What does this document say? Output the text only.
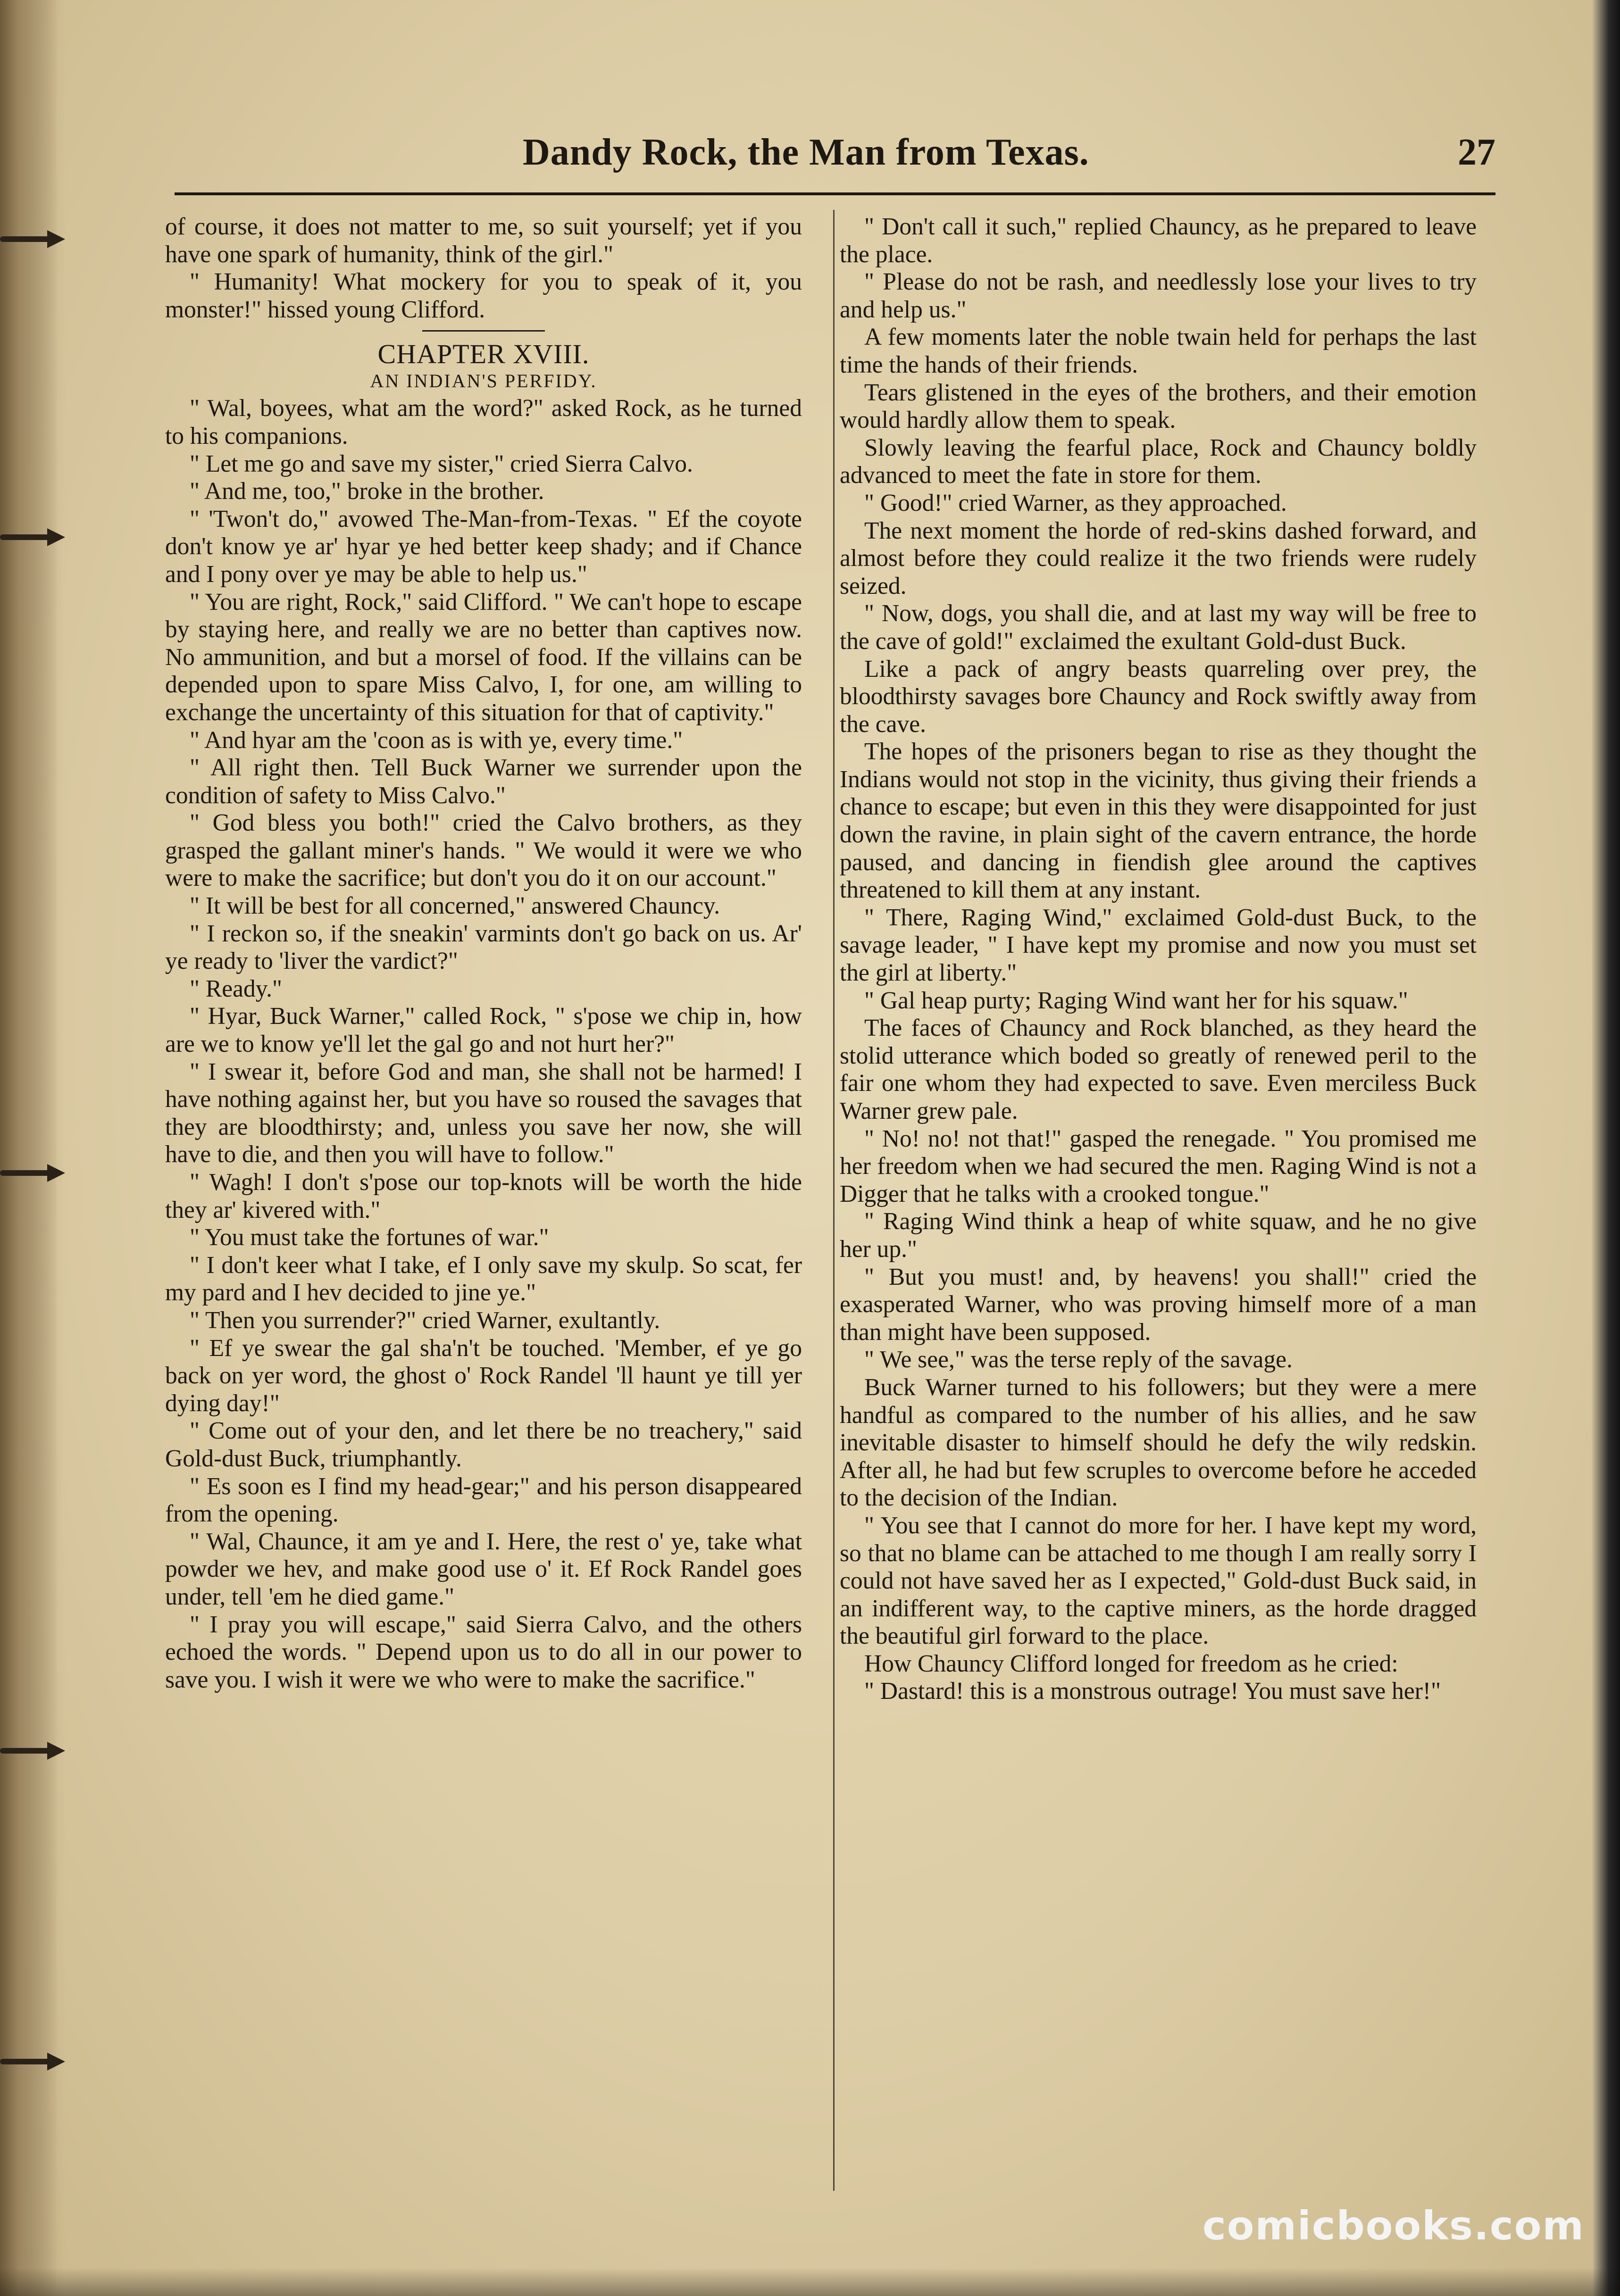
Dandy Rock, the Man from Texas.	27

of course, it does not matter to me, so suit yourself; yet if you have one spark of humanity, think of the girl."

" Humanity! What mockery for you to speak of it, you monster!" hissed young Clifford.

CHAPTER XVIII.
AN INDIAN'S PERFIDY.

" Wal, boyees, what am the word?" asked Rock, as he turned to his companions.

" Let me go and save my sister," cried Sierra Calvo.

" And me, too," broke in the brother.

" 'Twon't do," avowed The-Man-from-Texas. " Ef the coyote don't know ye ar' hyar ye hed better keep shady; and if Chance and I pony over ye may be able to help us."

" You are right, Rock," said Clifford. " We can't hope to escape by staying here, and really we are no better than captives now. No ammunition, and but a morsel of food. If the villains can be depended upon to spare Miss Calvo, I, for one, am willing to exchange the uncertainty of this situation for that of captivity."

" And hyar am the 'coon as is with ye, every time."

" All right then. Tell Buck Warner we surrender upon the condition of safety to Miss Calvo."

" God bless you both!" cried the Calvo brothers, as they grasped the gallant miner's hands. " We would it were we who were to make the sacrifice; but don't you do it on our account."

" It will be best for all concerned," answered Chauncy.

" I reckon so, if the sneakin' varmints don't go back on us. Ar' ye ready to 'liver the vardict?"

" Ready."

" Hyar, Buck Warner," called Rock, " s'pose we chip in, how are we to know ye'll let the gal go and not hurt her?"

" I swear it, before God and man, she shall not be harmed! I have nothing against her, but you have so roused the savages that they are bloodthirsty; and, unless you save her now, she will have to die, and then you will have to follow."

" Wagh! I don't s'pose our top-knots will be worth the hide they ar' kivered with."

" You must take the fortunes of war."

" I don't keer what I take, ef I only save my skulp. So scat, fer my pard and I hev decided to jine ye."

" Then you surrender?" cried Warner, exultantly.

" Ef ye swear the gal sha'n't be touched. 'Member, ef ye go back on yer word, the ghost o' Rock Randel 'll haunt ye till yer dying day!"

" Come out of your den, and let there be no treachery," said Gold-dust Buck, triumphantly.

" Es soon es I find my head-gear;" and his person disappeared from the opening.

" Wal, Chaunce, it am ye and I. Here, the rest o' ye, take what powder we hev, and make good use o' it. Ef Rock Randel goes under, tell 'em he died game."

" I pray you will escape," said Sierra Calvo, and the others echoed the words. " Depend upon us to do all in our power to save you. I wish it were we who were to make the sacrifice."

" Don't call it such," replied Chauncy, as he prepared to leave the place.

" Please do not be rash, and needlessly lose your lives to try and help us."

A few moments later the noble twain held for perhaps the last time the hands of their friends.

Tears glistened in the eyes of the brothers, and their emotion would hardly allow them to speak.

Slowly leaving the fearful place, Rock and Chauncy boldly advanced to meet the fate in store for them.

" Good!" cried Warner, as they approached.

The next moment the horde of red-skins dashed forward, and almost before they could realize it the two friends were rudely seized.

" Now, dogs, you shall die, and at last my way will be free to the cave of gold!" exclaimed the exultant Gold-dust Buck.

Like a pack of angry beasts quarreling over prey, the bloodthirsty savages bore Chauncy and Rock swiftly away from the cave.

The hopes of the prisoners began to rise as they thought the Indians would not stop in the vicinity, thus giving their friends a chance to escape; but even in this they were disappointed for just down the ravine, in plain sight of the cavern entrance, the horde paused, and dancing in fiendish glee around the captives threatened to kill them at any instant.

" There, Raging Wind," exclaimed Gold-dust Buck, to the savage leader, " I have kept my promise and now you must set the girl at liberty."

" Gal heap purty; Raging Wind want her for his squaw."

The faces of Chauncy and Rock blanched, as they heard the stolid utterance which boded so greatly of renewed peril to the fair one whom they had expected to save. Even merciless Buck Warner grew pale.

" No! no! not that!" gasped the renegade. " You promised me her freedom when we had secured the men. Raging Wind is not a Digger that he talks with a crooked tongue."

" Raging Wind think a heap of white squaw, and he no give her up."

" But you must! and, by heavens! you shall!" cried the exasperated Warner, who was proving himself more of a man than might have been supposed.

" We see," was the terse reply of the savage.

Buck Warner turned to his followers; but they were a mere handful as compared to the number of his allies, and he saw inevitable disaster to himself should he defy the wily redskin. After all, he had but few scruples to overcome before he acceded to the decision of the Indian.

" You see that I cannot do more for her. I have kept my word, so that no blame can be attached to me though I am really sorry I could not have saved her as I expected," Gold-dust Buck said, in an indifferent way, to the captive miners, as the horde dragged the beautiful girl forward to the place.

How Chauncy Clifford longed for freedom as he cried:

" Dastard! this is a monstrous outrage! You must save her!"

comicbooks.com
